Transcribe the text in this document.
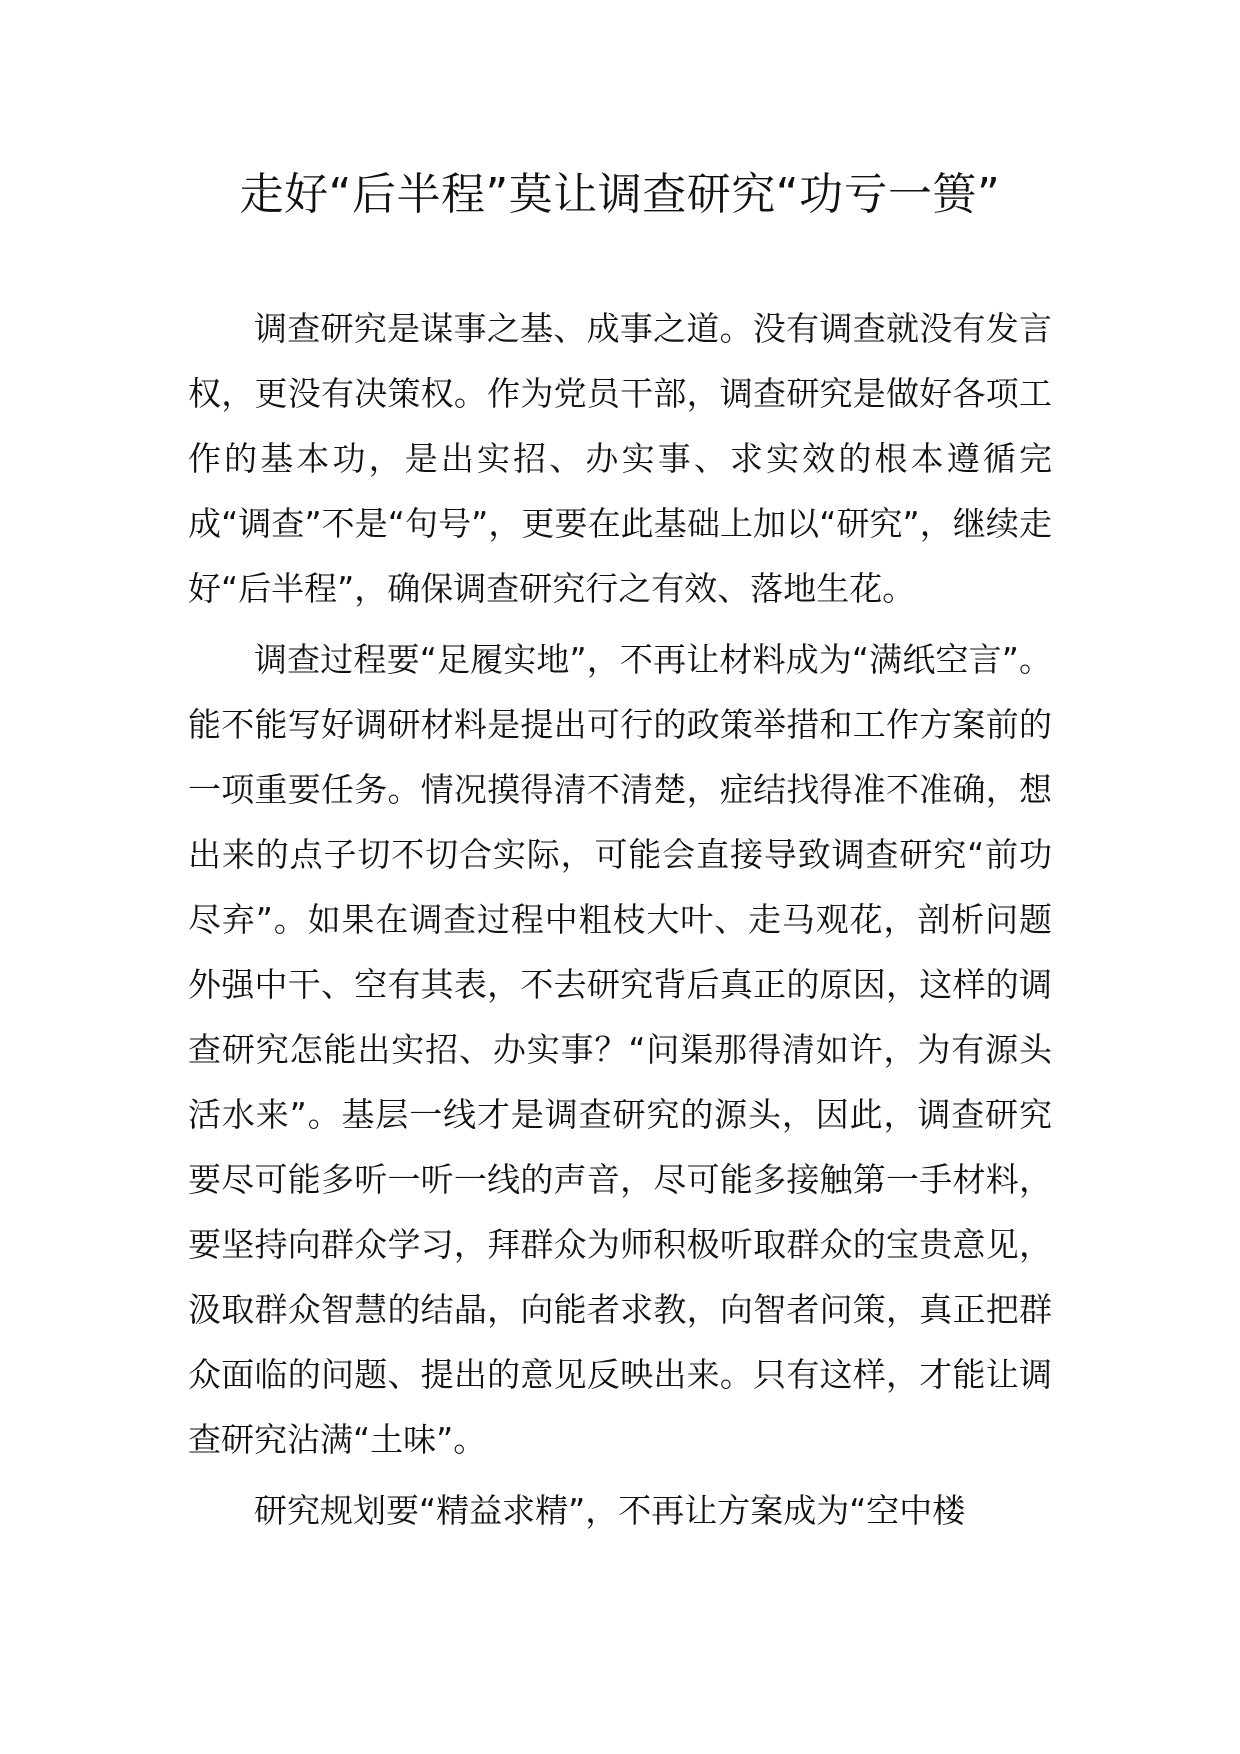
走好“后半程”莫让调查研究“功亏一篑”

调查研究是谋事之基、成事之道。没有调查就没有发言权，更没有决策权。作为党员干部，调查研究是做好各项工作的基本功，是出实招、办实事、求实效的根本遵循完成“调查”不是“句号”，更要在此基础上加以“研究”，继续走好“后半程”，确保调查研究行之有效、落地生花。

调查过程要“足履实地”，不再让材料成为“满纸空言”。能不能写好调研材料是提出可行的政策举措和工作方案前的一项重要任务。情况摸得清不清楚，症结找得准不准确，想出来的点子切不切合实际，可能会直接导致调查研究“前功尽弃”。如果在调查过程中粗枝大叶、走马观花，剖析问题外强中干、空有其表，不去研究背后真正的原因，这样的调查研究怎能出实招、办实事？“问渠那得清如许，为有源头活水来”。基层一线才是调查研究的源头，因此，调查研究要尽可能多听一听一线的声音，尽可能多接触第一手材料，要坚持向群众学习，拜群众为师积极听取群众的宝贵意见，汲取群众智慧的结晶，向能者求教，向智者问策，真正把群众面临的问题、提出的意见反映出来。只有这样，才能让调查研究沾满“土味”。

研究规划要“精益求精”，不再让方案成为“空中楼
